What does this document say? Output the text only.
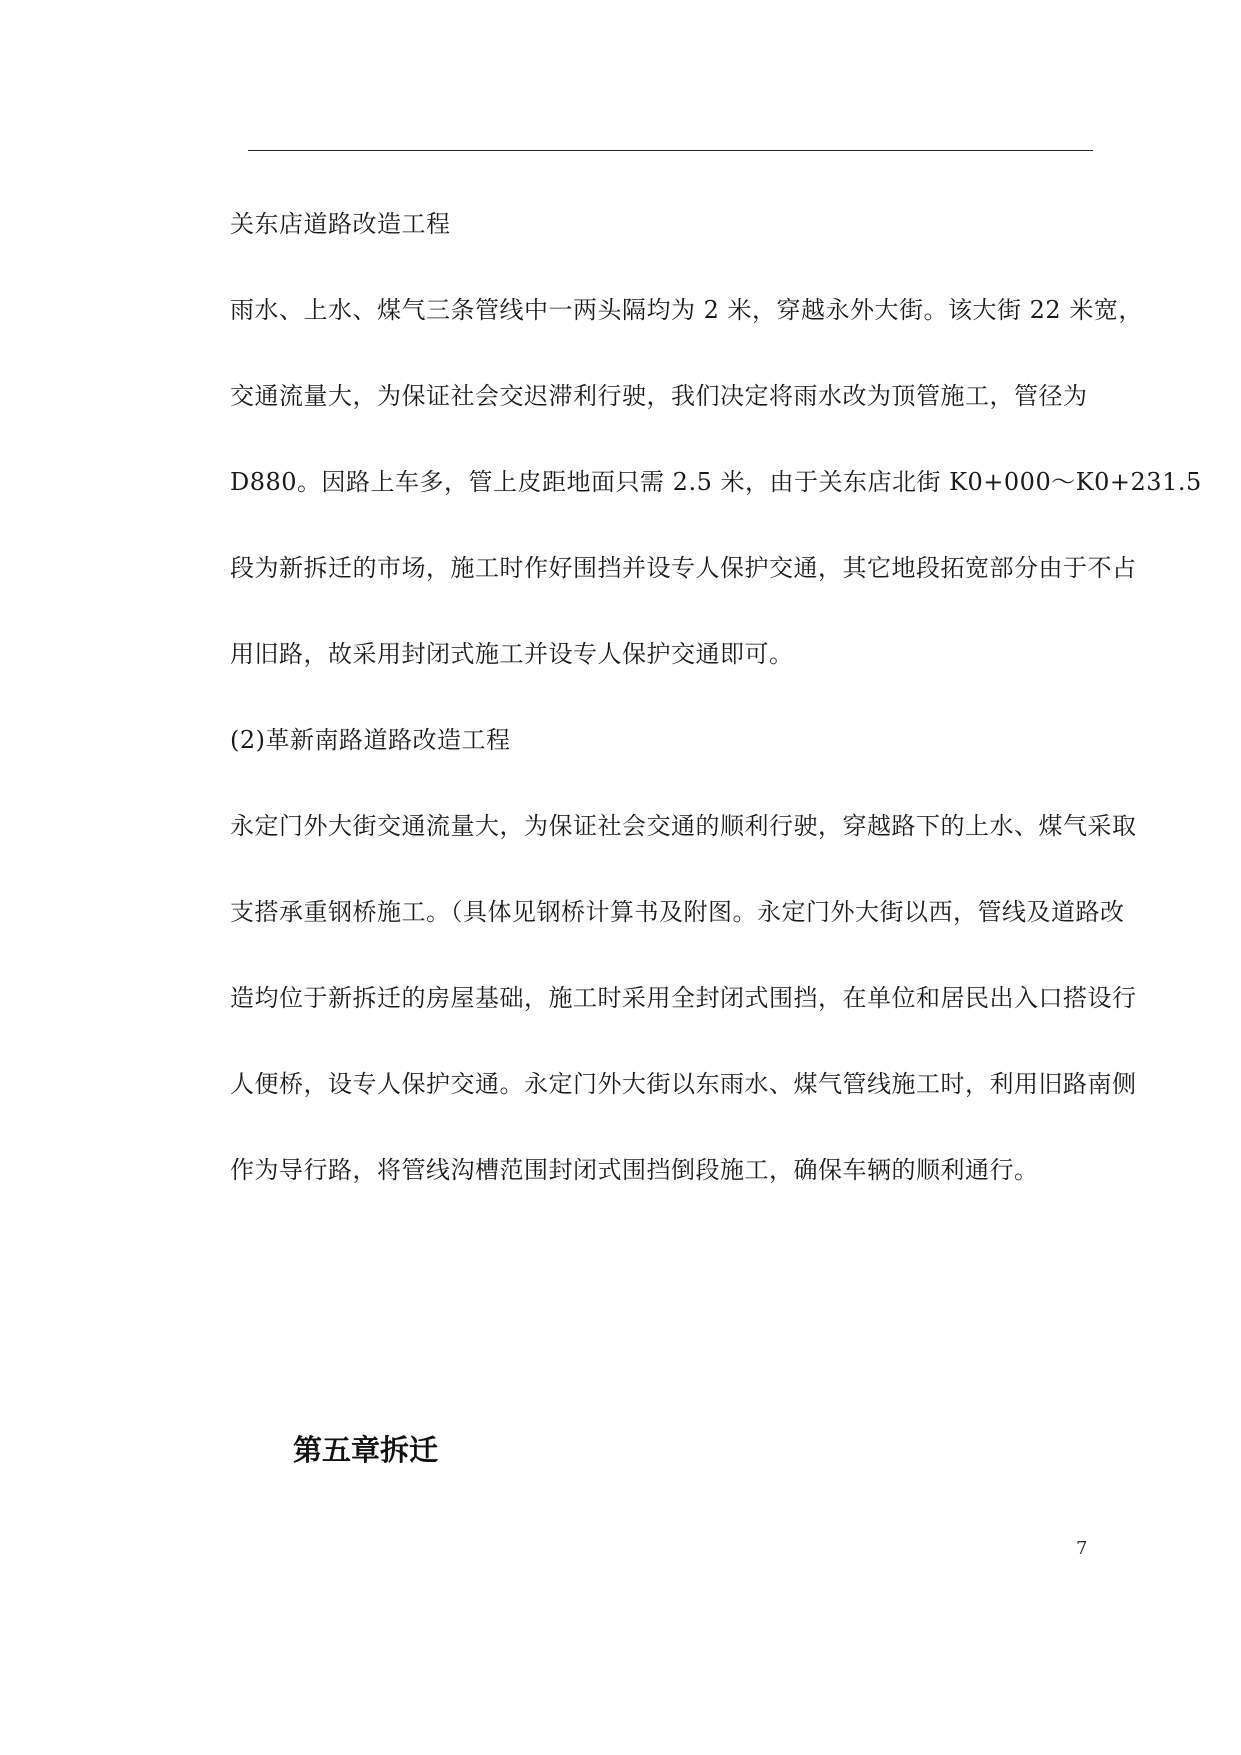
关东店道路改造工程
雨水、上水、煤气三条管线中一两头隔均为 2 米，穿越永外大街。该大街 22 米宽，
交通流量大，为保证社会交迟滞利行驶，我们决定将雨水改为顶管施工，管径为
D880。因路上车多，管上皮距地面只需 2.5 米，由于关东店北街 K0+000～K0+231.5
段为新拆迁的市场，施工时作好围挡并设专人保护交通，其它地段拓宽部分由于不占
用旧路，故采用封闭式施工并设专人保护交通即可。
(2)革新南路道路改造工程
永定门外大街交通流量大，为保证社会交通的顺利行驶，穿越路下的上水、煤气采取
支搭承重钢桥施工。（具体见钢桥计算书及附图。永定门外大街以西，管线及道路改
造均位于新拆迁的房屋基础，施工时采用全封闭式围挡，在单位和居民出入口搭设行
人便桥，设专人保护交通。永定门外大街以东雨水、煤气管线施工时，利用旧路南侧
作为导行路，将管线沟槽范围封闭式围挡倒段施工，确保车辆的顺利通行。
第五章拆迁
7
